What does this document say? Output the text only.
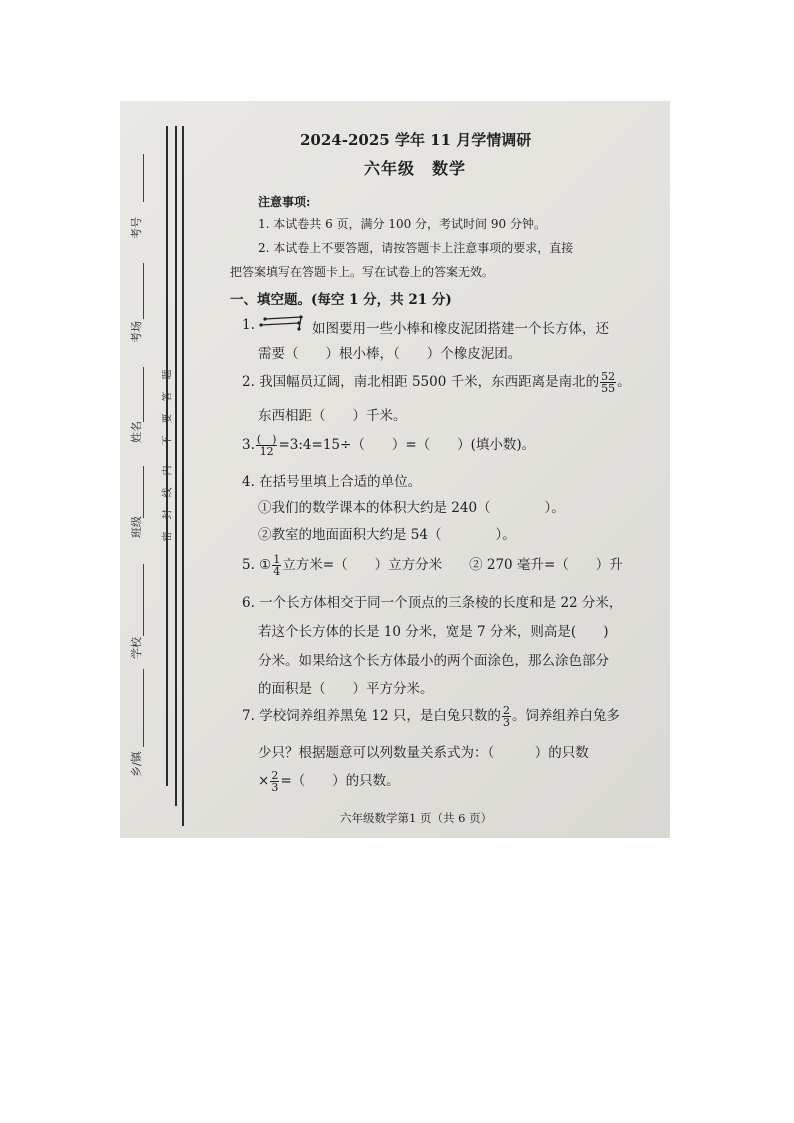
考号
考场
姓名
班级
学校
乡/镇
题
答
要
不
内
线
封
密
2024-2025 学年 11 月学情调研
六年级　数学
注意事项:
1. 本试卷共 6 页，满分 100 分，考试时间 90 分钟。
2. 本试卷上不要答题，请按答题卡上注意事项的要求，直接
把答案填写在答题卡上。写在试卷上的答案无效。
一、填空题。(每空 1 分，共 21 分)
1.	如图要用一些小棒和橡皮泥团搭建一个长方体，还
需要（　　）根小棒，（　　）个橡皮泥团。
2. 我国幅员辽阔，南北相距 5500 千米，东西距离是南北的 $\frac{52}{55}$ 。
东西相距（　　）千米。
3. $\frac{( )}{12}$ =3:4=15÷（　　）=（　　）(填小数)。
4. 在括号里填上合适的单位。
①我们的数学课本的体积大约是 240（　　　　）。
②教室的地面面积大约是 54（　　　　）。
5. ① $\frac{1}{4}$ 立方米=（　　）立方分米　　② 270 毫升=（　　）升
6. 一个长方体相交于同一个顶点的三条棱的长度和是 22 分米，
若这个长方体的长是 10 分米，宽是 7 分米，则高是(　　)
分米。如果给这个长方体最小的两个面涂色，那么涂色部分
的面积是（　　）平方分米。
7. 学校饲养组养黑兔 12 只，是白兔只数的 $\frac{2}{3}$ 。饲养组养白兔多
少只？根据题意可以列数量关系式为：（　　　）的只数
× $\frac{2}{3}$ =（　　）的只数。
六年级数学第1 页（共 6 页）
